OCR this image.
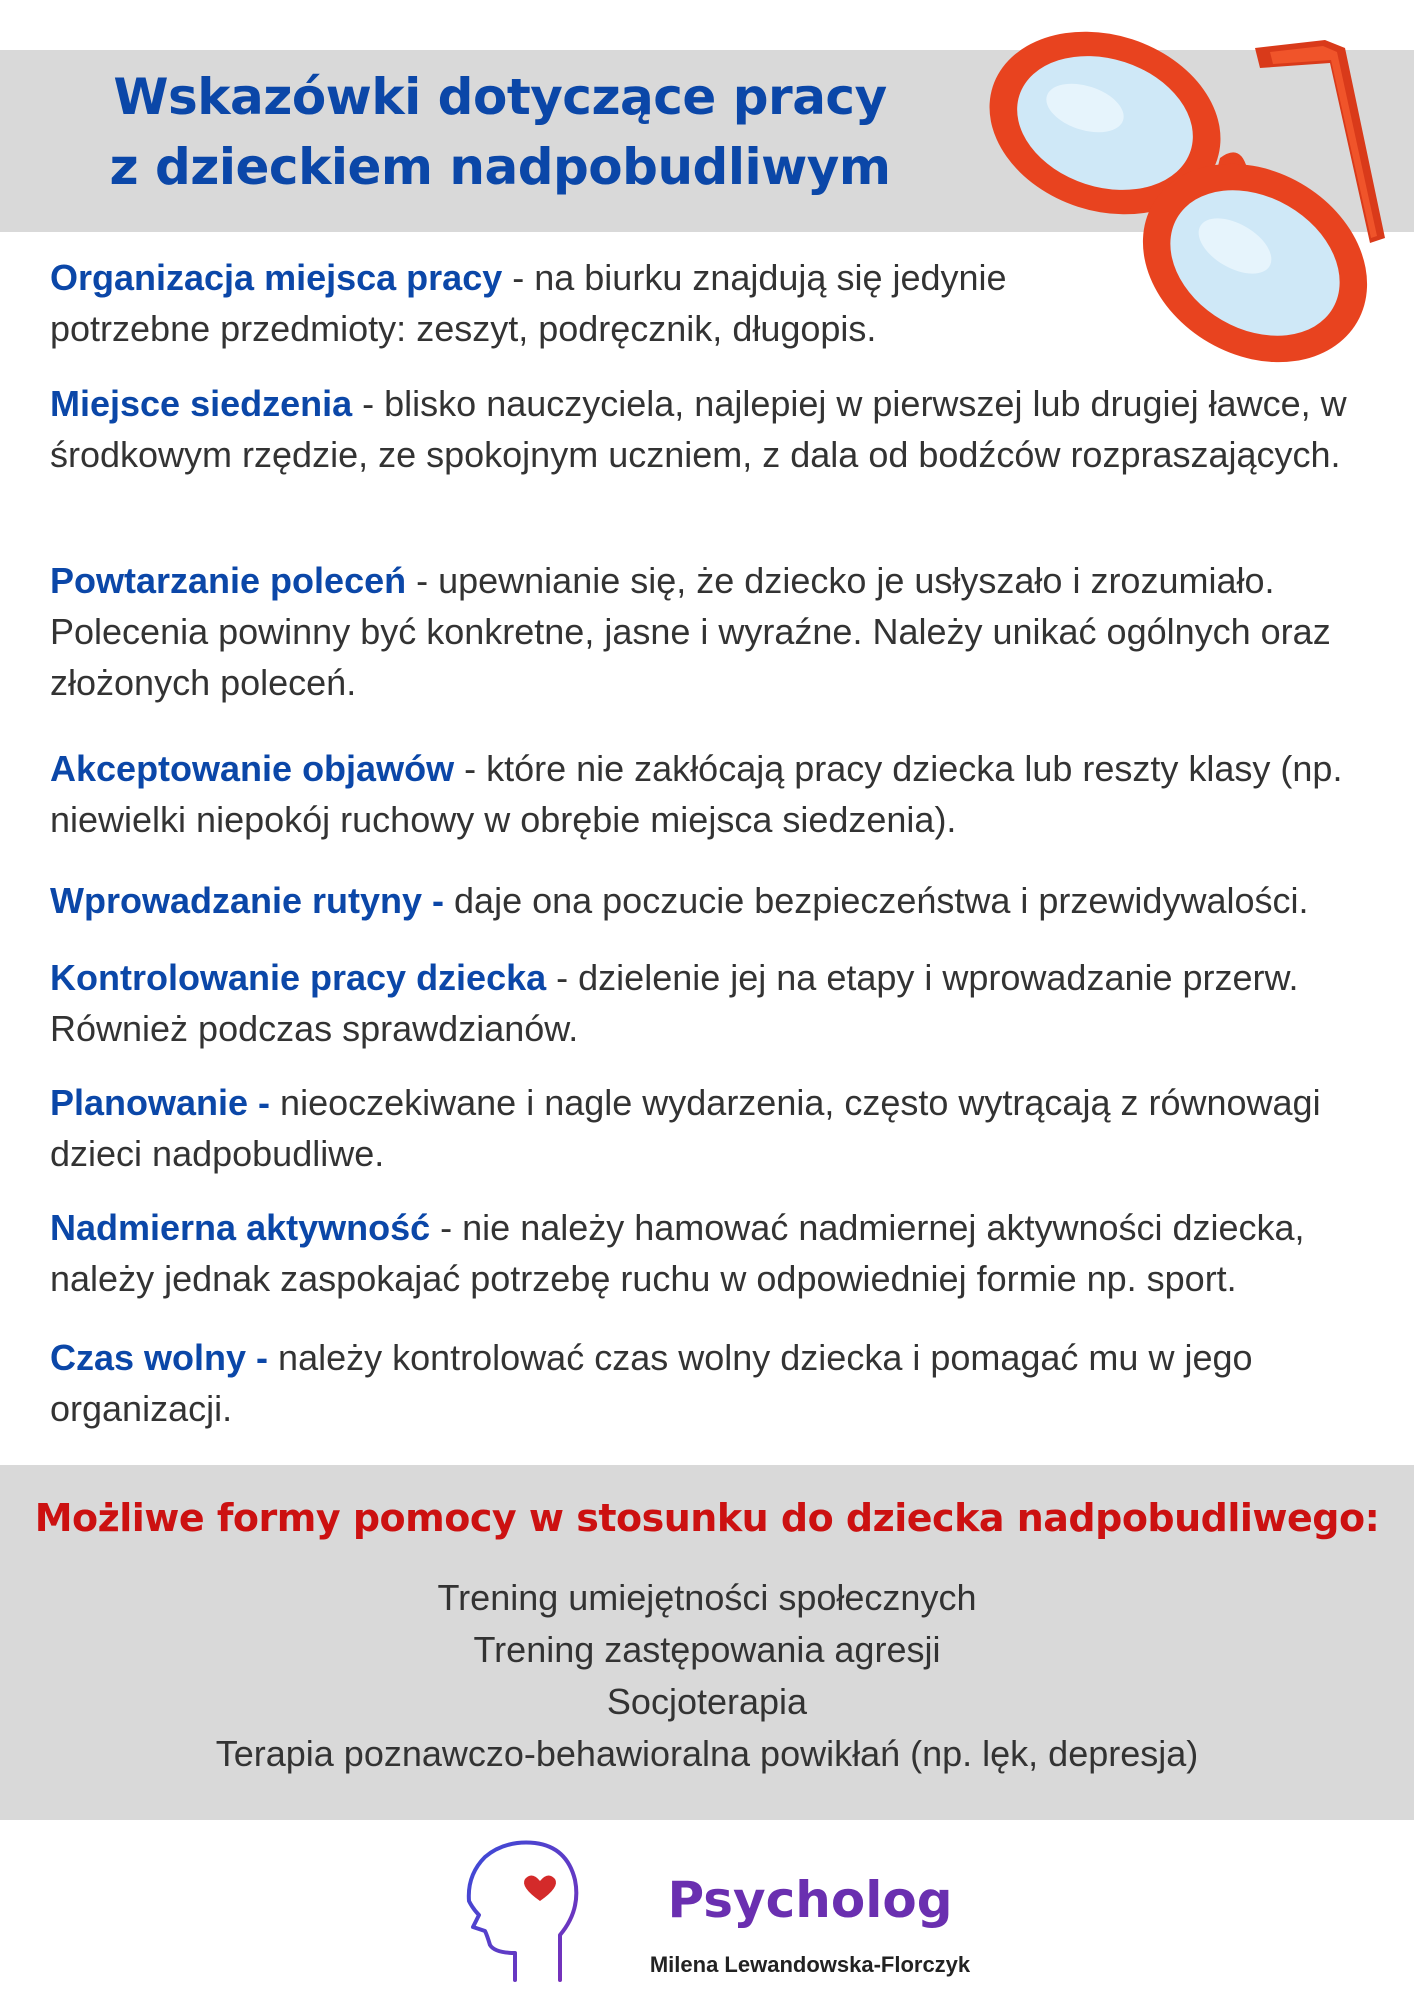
Wskazówki dotyczące pracy
z dzieckiem nadpobudliwym
Organizacja miejsca pracy - na biurku znajdują się jedynie potrzebne przedmioty: zeszyt, podręcznik, długopis.
Miejsce siedzenia - blisko nauczyciela, najlepiej w pierwszej lub drugiej ławce, w środkowym rzędzie, ze spokojnym uczniem, z dala od bodźców rozpraszających.
Powtarzanie poleceń - upewnianie się, że dziecko je usłyszało i zrozumiało. Polecenia powinny być konkretne, jasne i wyraźne. Należy unikać ogólnych oraz złożonych poleceń.
Akceptowanie objawów - które nie zakłócają pracy dziecka lub reszty klasy (np. niewielki niepokój ruchowy w obrębie miejsca siedzenia).
Wprowadzanie rutyny - daje ona poczucie bezpieczeństwa i przewidywalości.
Kontrolowanie pracy dziecka - dzielenie jej na etapy i wprowadzanie przerw. Również podczas sprawdzianów.
Planowanie - nieoczekiwane i nagle wydarzenia, często wytrącają z równowagi dzieci nadpobudliwe.
Nadmierna aktywność - nie należy hamować nadmiernej aktywności dziecka, należy jednak zaspokajać potrzebę ruchu w odpowiedniej formie np. sport.
Czas wolny - należy kontrolować czas wolny dziecka i pomagać mu w jego organizacji.
Możliwe formy pomocy w stosunku do dziecka nadpobudliwego:
Trening umiejętności społecznych
Trening zastępowania agresji
Socjoterapia
Terapia poznawczo-behawioralna powikłań (np. lęk, depresja)
Psycholog
Milena Lewandowska-Florczyk
